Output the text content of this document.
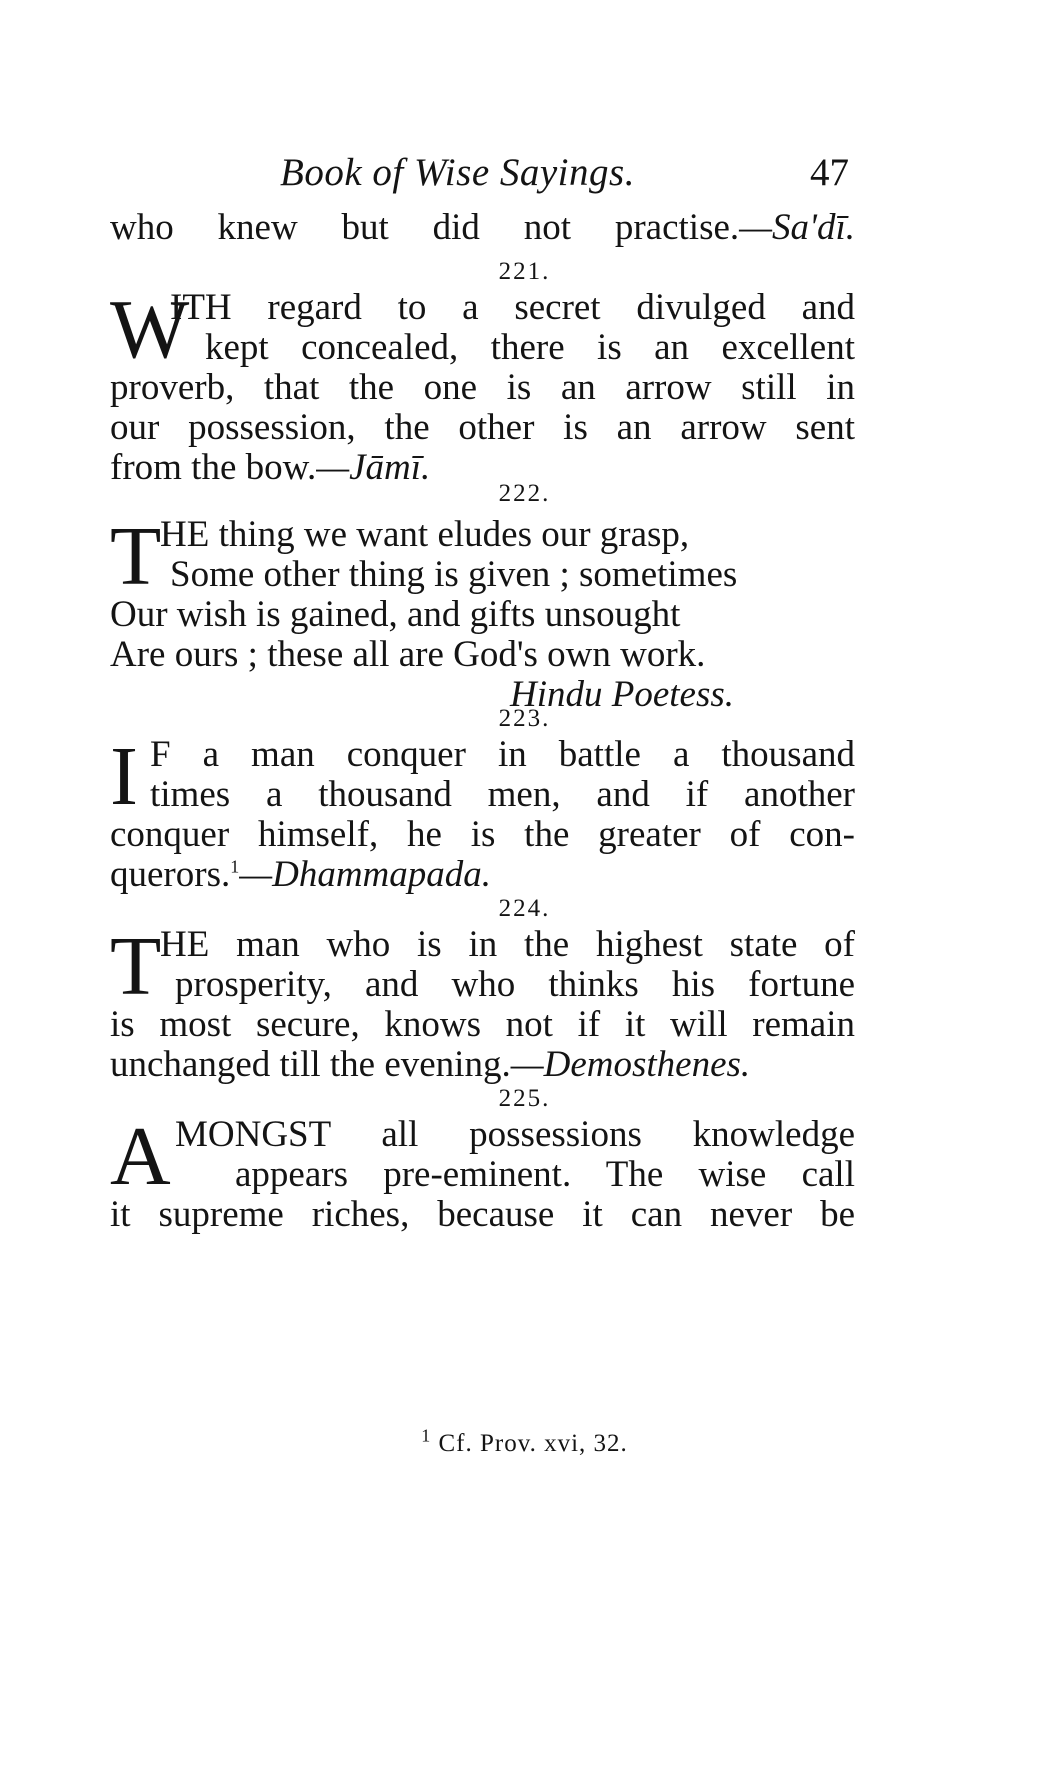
Book of Wise Sayings.	47
who knew but did not practise.—Sa'dī.
221.
W
ITH regard to a secret divulged and
kept concealed, there is an excellent
proverb, that the one is an arrow still in
our possession, the other is an arrow sent
from the bow.—Jāmī.
222.
T
HE thing we want eludes our grasp,
Some other thing is given ; sometimes
Our wish is gained, and gifts unsought
Are ours ; these all are God's own work.
Hindu Poetess.
223.
I F a man conquer in battle a thousand
times a thousand men, and if another
conquer himself, he is the greater of con-
querors.$^1$—Dhammapada.
224.
T
HE man who is in the highest state of
prosperity, and who thinks his fortune
is most secure, knows not if it will remain
unchanged till the evening.—Demosthenes.
225.
A MONGST all possessions knowledge
appears pre-eminent. The wise call
it supreme riches, because it can never be
$^1$ Cf. Prov. xvi, 32.
